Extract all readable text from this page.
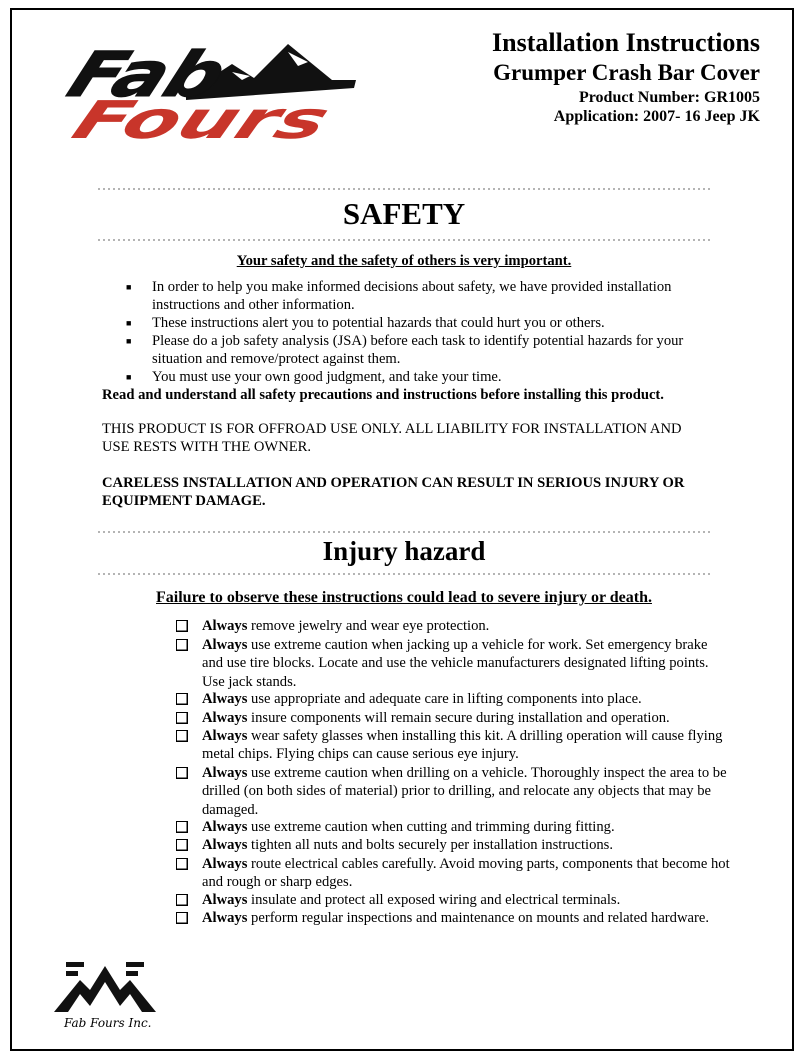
Fab
Fours
Installation Instructions
Grumper Crash Bar Cover
Product Number: GR1005
Application: 2007- 16 Jeep JK
SAFETY
Your safety and the safety of others is very important.
■ In order to help you make informed decisions about safety, we have provided installation instructions and other information.
■ These instructions alert you to potential hazards that could hurt you or others.
■ Please do a job safety analysis (JSA) before each task to identify potential hazards for your situation and remove/protect against them.
■ You must use your own good judgment, and take your time.
Read and understand all safety precautions and instructions before installing this product.
THIS PRODUCT IS FOR OFFROAD USE ONLY. ALL LIABILITY FOR INSTALLATION AND USE RESTS WITH THE OWNER.
CARELESS INSTALLATION AND OPERATION CAN RESULT IN SERIOUS INJURY OR EQUIPMENT DAMAGE.
Injury hazard
Failure to observe these instructions could lead to severe injury or death.
Always remove jewelry and wear eye protection.
Always use extreme caution when jacking up a vehicle for work. Set emergency brake and use tire blocks. Locate and use the vehicle manufacturers designated lifting points. Use jack stands.
Always use appropriate and adequate care in lifting components into place.
Always insure components will remain secure during installation and operation.
Always wear safety glasses when installing this kit. A drilling operation will cause flying metal chips. Flying chips can cause serious eye injury.
Always use extreme caution when drilling on a vehicle. Thoroughly inspect the area to be drilled (on both sides of material) prior to drilling, and relocate any objects that may be damaged.
Always use extreme caution when cutting and trimming during fitting.
Always tighten all nuts and bolts securely per installation instructions.
Always route electrical cables carefully. Avoid moving parts, components that become hot and rough or sharp edges.
Always insulate and protect all exposed wiring and electrical terminals.
Always perform regular inspections and maintenance on mounts and related hardware.
Fab Fours Inc.
